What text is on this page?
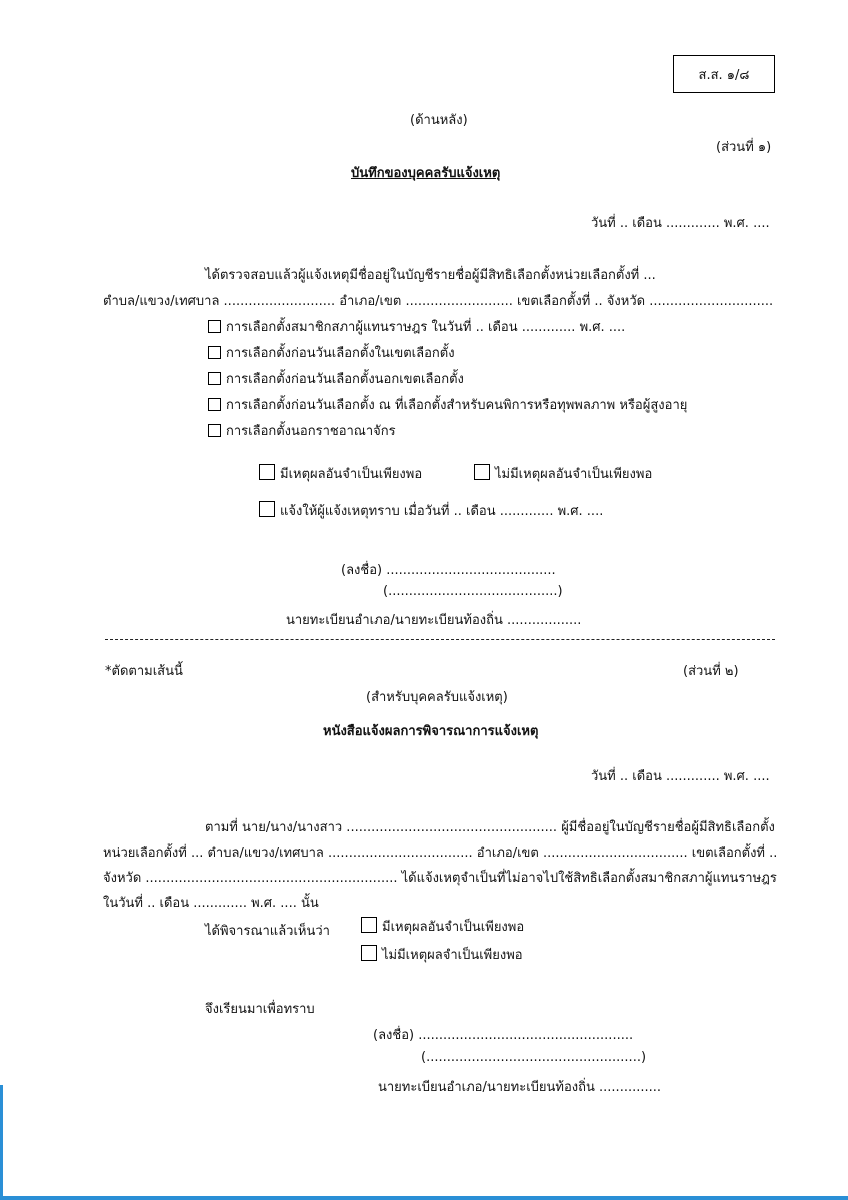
ส.ส. ๑/๘
(ด้านหลัง)
(ส่วนที่ ๑)
บันทึกของบุคคลรับแจ้งเหตุ
วันที่ .. เดือน ............. พ.ศ. ....
ได้ตรวจสอบแล้วผู้แจ้งเหตุมีชื่ออยู่ในบัญชีรายชื่อผู้มีสิทธิเลือกตั้งหน่วยเลือกตั้งที่ ...
ตำบล/แขวง/เทศบาล ........................... อำเภอ/เขต .......................... เขตเลือกตั้งที่ .. จังหวัด ..............................
การเลือกตั้งสมาชิกสภาผู้แทนราษฎร ในวันที่ .. เดือน ............. พ.ศ. ....
การเลือกตั้งก่อนวันเลือกตั้งในเขตเลือกตั้ง
การเลือกตั้งก่อนวันเลือกตั้งนอกเขตเลือกตั้ง
การเลือกตั้งก่อนวันเลือกตั้ง ณ ที่เลือกตั้งสำหรับคนพิการหรือทุพพลภาพ หรือผู้สูงอายุ
การเลือกตั้งนอกราชอาณาจักร
มีเหตุผลอันจำเป็นเพียงพอ	ไม่มีเหตุผลอันจำเป็นเพียงพอ
แจ้งให้ผู้แจ้งเหตุทราบ เมื่อวันที่ .. เดือน ............. พ.ศ. ....
(ลงชื่อ) .........................................
(.........................................)
นายทะเบียนอำเภอ/นายทะเบียนท้องถิ่น ..................
*ตัดตามเส้นนี้	(ส่วนที่ ๒)
(สำหรับบุคคลรับแจ้งเหตุ)
หนังสือแจ้งผลการพิจารณาการแจ้งเหตุ
วันที่ .. เดือน ............. พ.ศ. ....
ตามที่ นาย/นาง/นางสาว ................................................... ผู้มีชื่ออยู่ในบัญชีรายชื่อผู้มีสิทธิเลือกตั้ง
หน่วยเลือกตั้งที่ ... ตำบล/แขวง/เทศบาล ................................... อำเภอ/เขต ................................... เขตเลือกตั้งที่ ..
จังหวัด ............................................................. ได้แจ้งเหตุจำเป็นที่ไม่อาจไปใช้สิทธิเลือกตั้งสมาชิกสภาผู้แทนราษฎร
ในวันที่ .. เดือน ............. พ.ศ. .... นั้น
ได้พิจารณาแล้วเห็นว่า	มีเหตุผลอันจำเป็นเพียงพอ
ไม่มีเหตุผลจำเป็นเพียงพอ
จึงเรียนมาเพื่อทราบ
(ลงชื่อ) ....................................................
(....................................................)
นายทะเบียนอำเภอ/นายทะเบียนท้องถิ่น ...............
